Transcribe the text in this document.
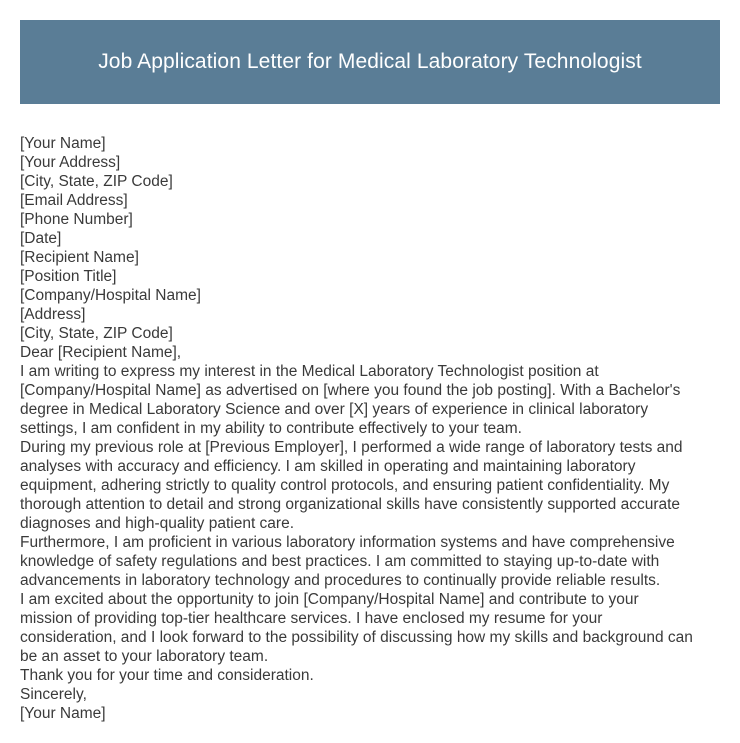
Job Application Letter for Medical Laboratory Technologist
[Your Name]
[Your Address]
[City, State, ZIP Code]
[Email Address]
[Phone Number]
[Date]
[Recipient Name]
[Position Title]
[Company/Hospital Name]
[Address]
[City, State, ZIP Code]
Dear [Recipient Name],
I am writing to express my interest in the Medical Laboratory Technologist position at
[Company/Hospital Name] as advertised on [where you found the job posting]. With a Bachelor's
degree in Medical Laboratory Science and over [X] years of experience in clinical laboratory
settings, I am confident in my ability to contribute effectively to your team.
During my previous role at [Previous Employer], I performed a wide range of laboratory tests and
analyses with accuracy and efficiency. I am skilled in operating and maintaining laboratory
equipment, adhering strictly to quality control protocols, and ensuring patient confidentiality. My
thorough attention to detail and strong organizational skills have consistently supported accurate
diagnoses and high-quality patient care.
Furthermore, I am proficient in various laboratory information systems and have comprehensive
knowledge of safety regulations and best practices. I am committed to staying up-to-date with
advancements in laboratory technology and procedures to continually provide reliable results.
I am excited about the opportunity to join [Company/Hospital Name] and contribute to your
mission of providing top-tier healthcare services. I have enclosed my resume for your
consideration, and I look forward to the possibility of discussing how my skills and background can
be an asset to your laboratory team.
Thank you for your time and consideration.
Sincerely,
[Your Name]
